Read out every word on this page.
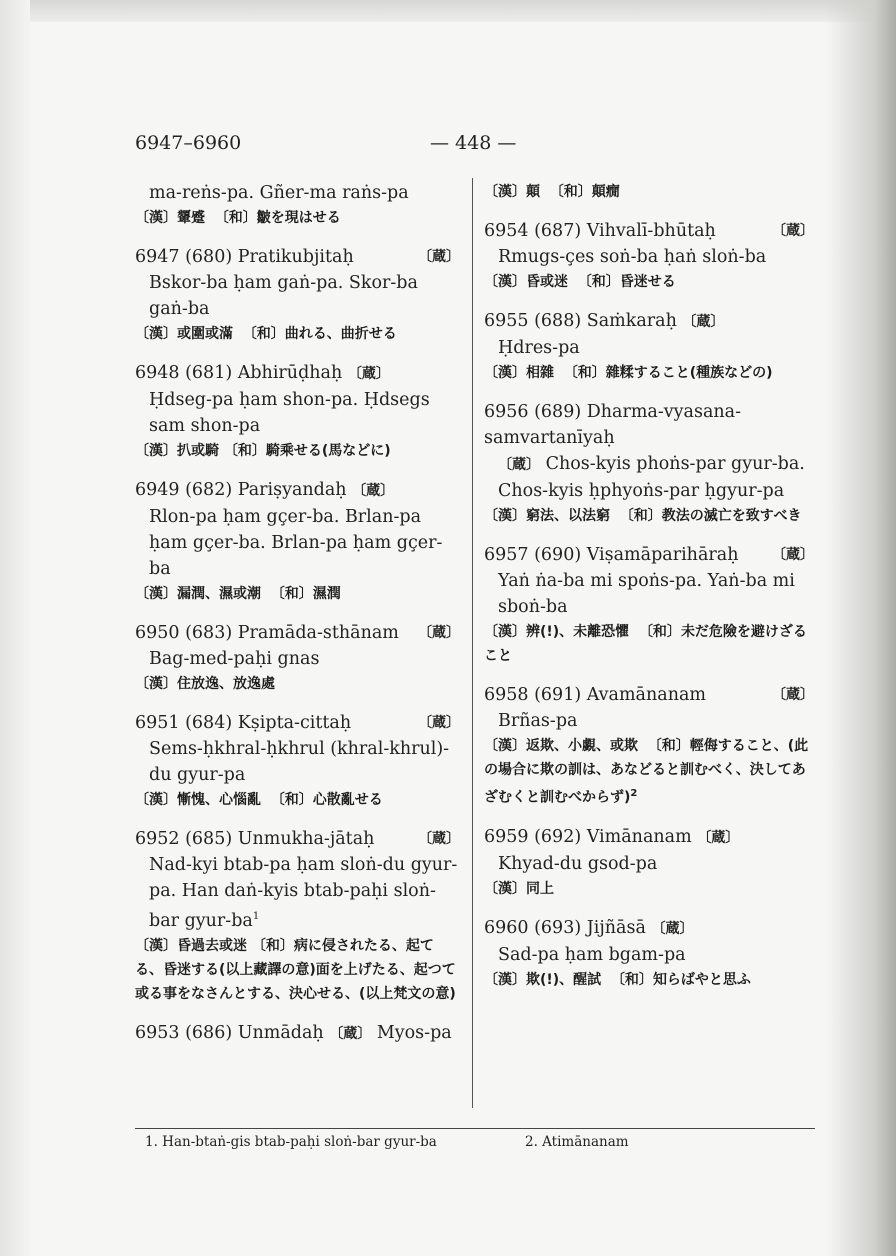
6947–6960	— 448 —
ma-reṅs-pa. Gñer-ma raṅs-pa
〔漢〕顰蹙 〔和〕皺を現はせる
6947 (680) Pratikubjitaḥ	〔蔵〕
Bskor-ba ḥam gaṅ-pa. Skor-ba gaṅ-ba
〔漢〕或圍或滿 〔和〕曲れる、曲折せる
6948 (681) Abhirūḍhaḥ 〔蔵〕
Ḥdseg-pa ḥam shon-pa. Ḥdsegs sam shon-pa
〔漢〕扒或騎 〔和〕騎乘せる(馬などに)
6949 (682) Pariṣyandaḥ 〔蔵〕
Rlon-pa ḥam gçer-ba. Brlan-pa ḥam gçer-ba. Brlan-pa ḥam gçer-ba
〔漢〕漏潤、濕或潮 〔和〕濕潤
6950 (683) Pramāda-sthānam 〔蔵〕
Bag-med-paḥi gnas
〔漢〕住放逸、放逸處
6951 (684) Kṣipta-cittaḥ	〔蔵〕
Sems-ḥkhral-ḥkhrul (khral-khrul)-du gyur-pa
〔漢〕慚愧、心惱亂 〔和〕心散亂せる
6952 (685) Unmukha-jātaḥ	〔蔵〕
Nad-kyi btab-pa ḥam sloṅ-du gyur-pa. Han daṅ-kyis btab-paḥi sloṅ-bar gyur-$ba^1$
〔漢〕昏過去或迷 〔和〕病に侵されたる、起てる、昏迷する(以上藏譯の意)面を上げたる、起つて或る事をなさんとする、決心せる、(以上梵文の意)
6953 (686) Unmādaḥ 〔蔵〕 Myos-pa
〔漢〕顛 〔和〕顛癇
6954 (687) Vihvalī-bhūtaḥ	〔蔵〕
Rmugs-çes soṅ-ba ḥaṅ sloṅ-ba
〔漢〕昏或迷 〔和〕昏迷せる
6955 (688) Saṁkaraḥ 〔蔵〕
Ḥdres-pa
〔漢〕相雜 〔和〕雜糅すること(種族などの)
6956 (689) Dharma-vyasana-samvartanīyaḥ
〔蔵〕 Chos-kyis phoṅs-par gyur-ba. Chos-kyis ḥphyoṅs-par ḥgyur-pa
〔漢〕窮法、以法窮 〔和〕教法の滅亡を致すべき
6957 (690) Viṣamāparihāraḥ 〔蔵〕
Yaṅ ṅa-ba mi spoṅs-pa. Yaṅ-ba mi sboṅ-ba
〔漢〕辨(!)、未離恐懼 〔和〕未だ危險を避けざること
6958 (691) Avamānanam	〔蔵〕
Brñas-pa
〔漢〕返欺、小覷、或欺 〔和〕輕侮すること、(此の場合に欺の訓は、あなどると訓むべく、決してあざむくと訓むべからず)$^2$
6959 (692) Vimānanam 〔蔵〕
Khyad-du gsod-pa
〔漢〕同上
6960 (693) Jijñāsā 〔蔵〕
Sad-pa ḥam bgam-pa
〔漢〕欺(!)、醒試 〔和〕知らばやと思ふ
1. Han-btaṅ-gis btab-paḥi sloṅ-bar gyur-ba	2. Atimānanam
